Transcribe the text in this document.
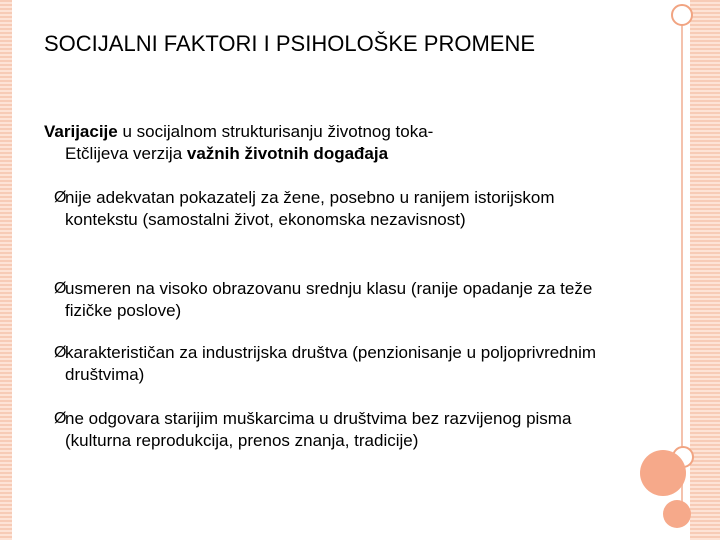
SOCIJALNI FAKTORI I PSIHOLOŠKE PROMENE
Varijacije u socijalnom strukturisanju životnog toka-
Etčlijeva verzija važnih životnih događaja
Ø
nije adekvatan pokazatelj za žene, posebno u ranijem istorijskom kontekstu (samostalni život, ekonomska nezavisnost)
Ø
usmeren na visoko obrazovanu srednju klasu (ranije opadanje za teže fizičke poslove)
Ø
karakterističan za industrijska društva (penzionisanje u poljoprivrednim društvima)
Ø
ne odgovara starijim muškarcima u društvima bez razvijenog pisma (kulturna reprodukcija, prenos znanja, tradicije)
